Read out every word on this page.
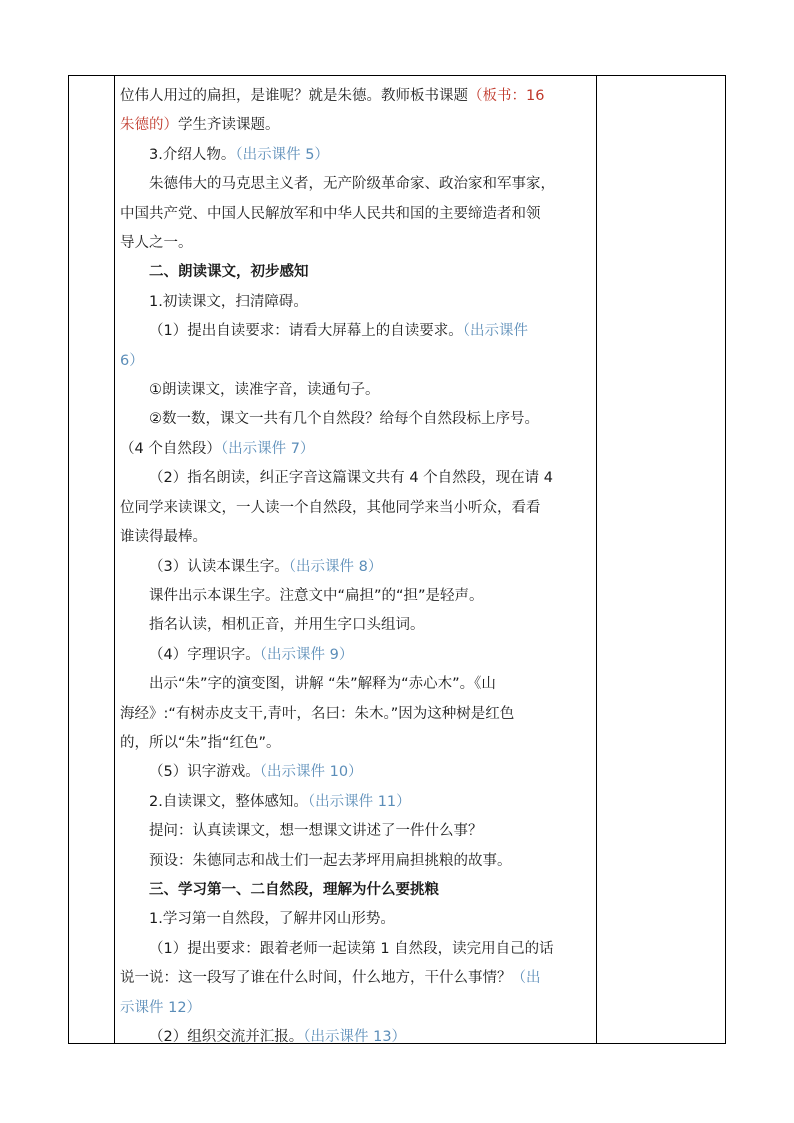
位伟人用过的扁担，是谁呢？就是朱德。教师板书课题（板书：16

朱德的）学生齐读课题。

3.介绍人物。（出示课件 5）

朱德伟大的马克思主义者，无产阶级革命家、政治家和军事家，

中国共产党、中国人民解放军和中华人民共和国的主要缔造者和领

导人之一。

二、朗读课文，初步感知

1.初读课文，扫清障碍。

（1）提出自读要求：请看大屏幕上的自读要求。（出示课件

6）

①朗读课文，读准字音，读通句子。

②数一数，课文一共有几个自然段？给每个自然段标上序号。

（4 个自然段）（出示课件 7）

（2）指名朗读，纠正字音这篇课文共有 4 个自然段，现在请 4

位同学来读课文，一人读一个自然段，其他同学来当小听众，看看

谁读得最棒。

（3）认读本课生字。（出示课件 8）

课件出示本课生字。注意文中“扁担”的“担”是轻声。

指名认读，相机正音，并用生字口头组词。

（4）字理识字。（出示课件 9）

出示“朱”字的演变图，讲解 “朱”解释为“赤心木”。《山

海经》:“有树赤皮支干,青叶，名曰：朱木。”因为这种树是红色

的，所以“朱”指“红色”。

（5）识字游戏。（出示课件 10）

2.自读课文，整体感知。（出示课件 11）

提问：认真读课文，想一想课文讲述了一件什么事？

预设：朱德同志和战士们一起去茅坪用扁担挑粮的故事。

三、学习第一、二自然段，理解为什么要挑粮

1.学习第一自然段，了解井冈山形势。

（1）提出要求：跟着老师一起读第 1 自然段，读完用自己的话

说一说：这一段写了谁在什么时间，什么地方，干什么事情？（出

示课件 12）

（2）组织交流并汇报。（出示课件 13）
